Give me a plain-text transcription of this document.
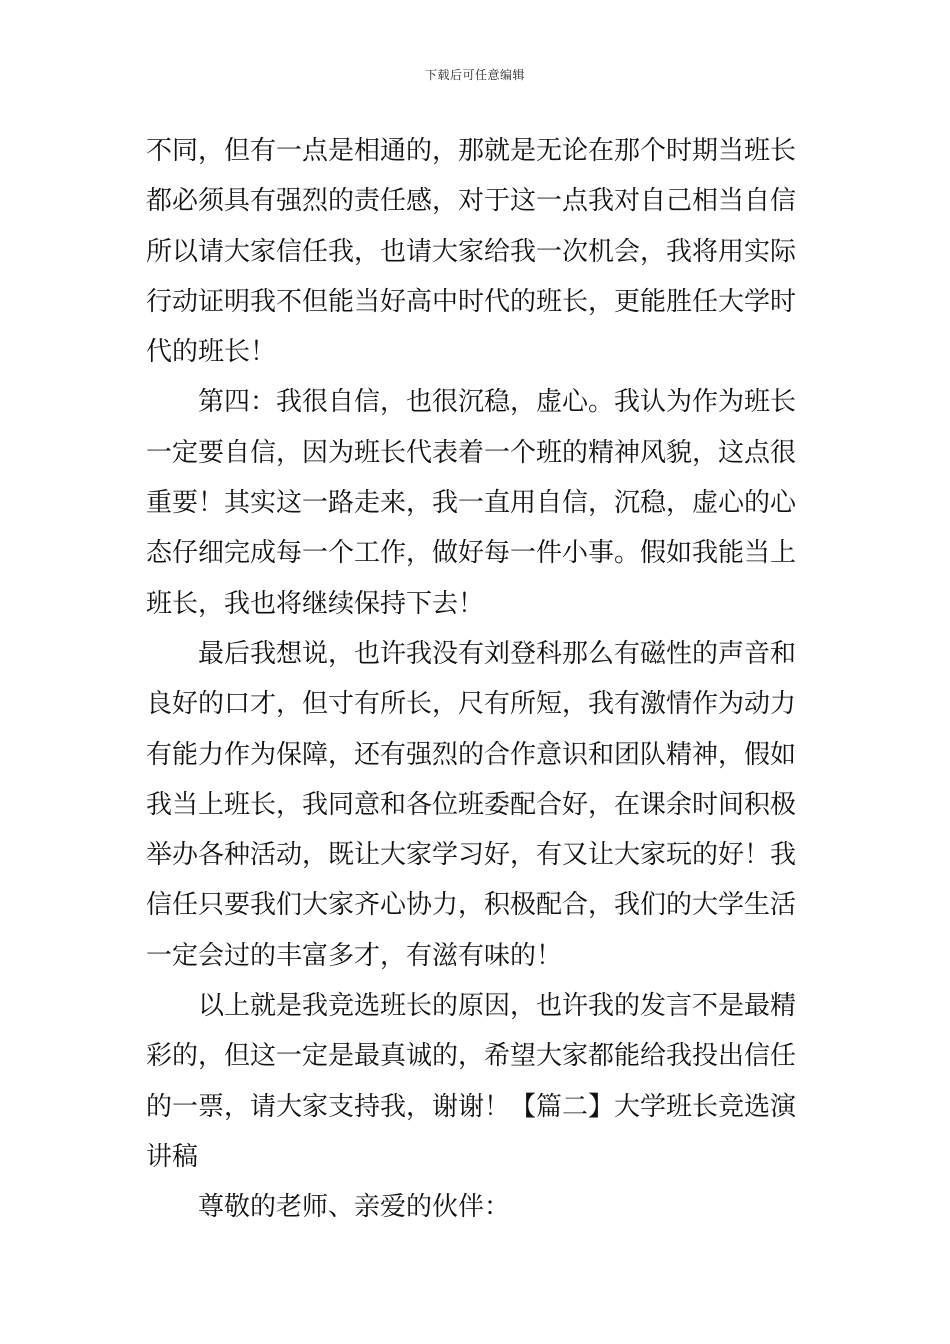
下载后可任意编辑
不同，但有一点是相通的，那就是无论在那个时期当班长
都必须具有强烈的责任感，对于这一点我对自己相当自信
所以请大家信任我，也请大家给我一次机会，我将用实际
行动证明我不但能当好高中时代的班长，更能胜任大学时
代的班长！
第四：我很自信，也很沉稳，虚心。我认为作为班长
一定要自信，因为班长代表着一个班的精神风貌，这点很
重要！其实这一路走来，我一直用自信，沉稳，虚心的心
态仔细完成每一个工作，做好每一件小事。假如我能当上
班长，我也将继续保持下去！
最后我想说，也许我没有刘登科那么有磁性的声音和
良好的口才，但寸有所长，尺有所短，我有激情作为动力
有能力作为保障，还有强烈的合作意识和团队精神，假如
我当上班长，我同意和各位班委配合好，在课余时间积极
举办各种活动，既让大家学习好，有又让大家玩的好！我
信任只要我们大家齐心协力，积极配合，我们的大学生活
一定会过的丰富多才，有滋有味的！
以上就是我竞选班长的原因，也许我的发言不是最精
彩的，但这一定是最真诚的，希望大家都能给我投出信任
的一票，请大家支持我，谢谢！【篇二】大学班长竞选演
讲稿
尊敬的老师、亲爱的伙伴：
